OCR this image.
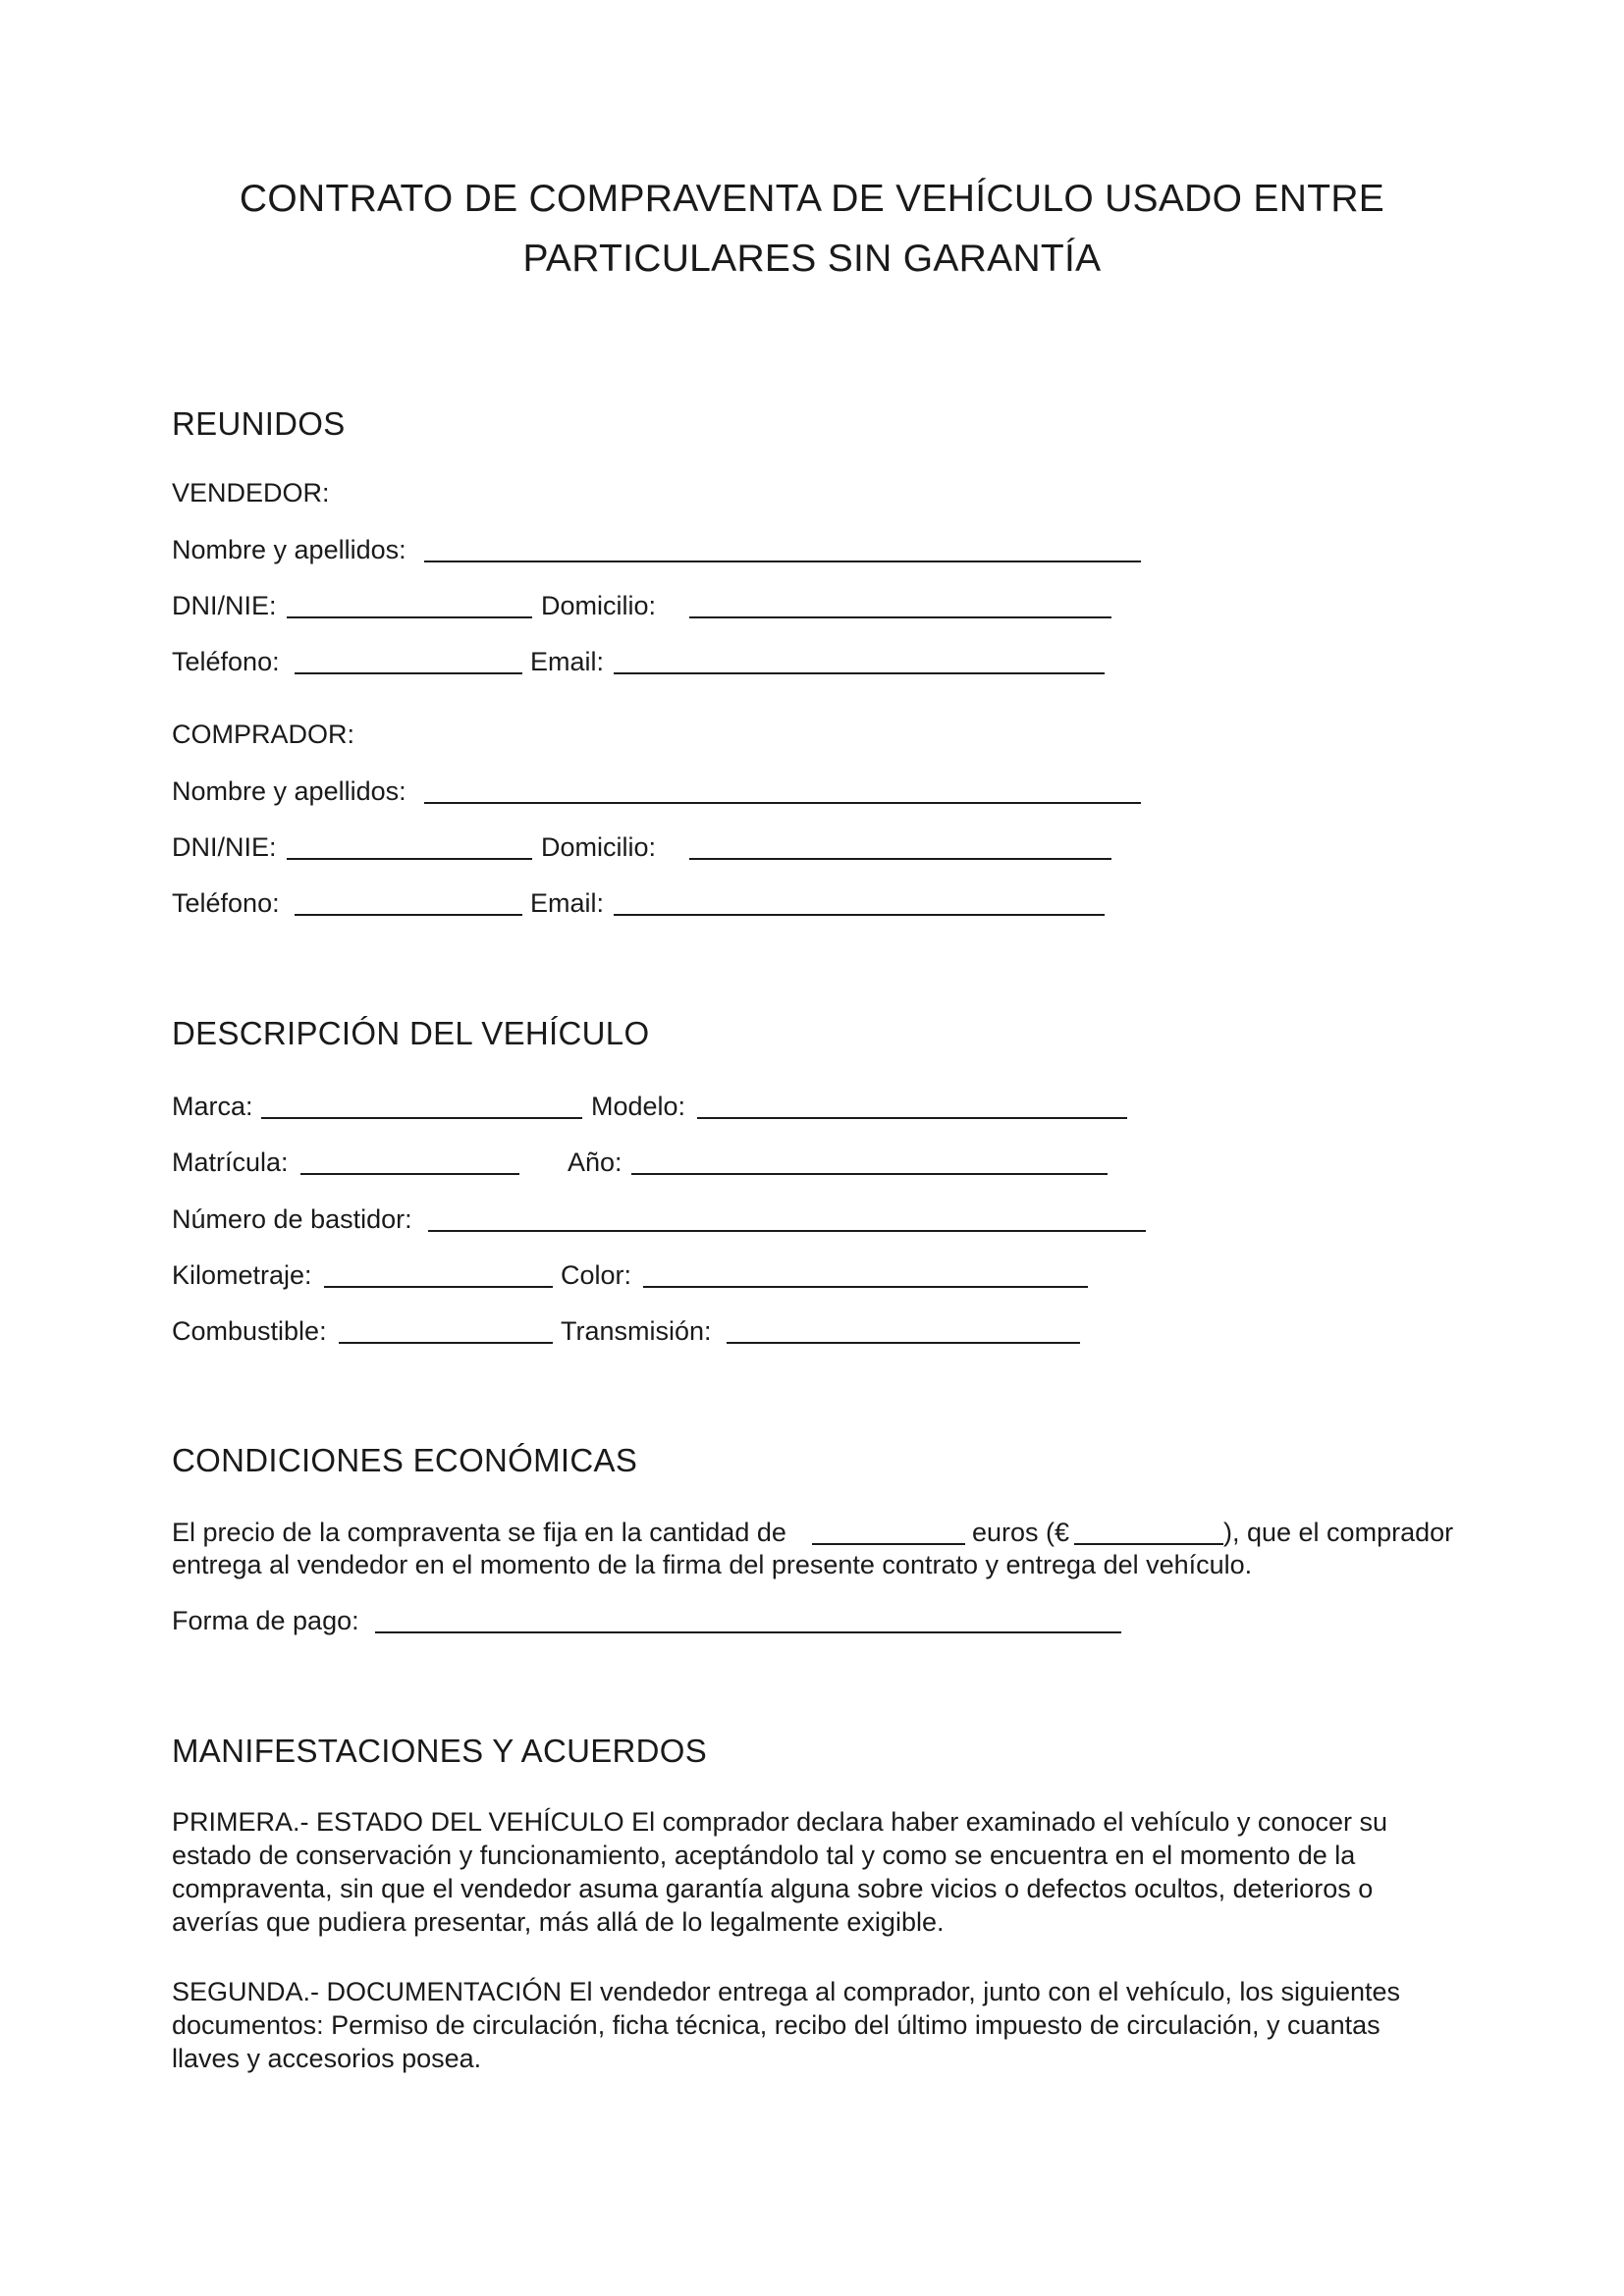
CONTRATO DE COMPRAVENTA DE VEHÍCULO USADO ENTRE
PARTICULARES SIN GARANTÍA
REUNIDOS
VENDEDOR:
Nombre y apellidos:
DNI/NIE:	Domicilio:
Teléfono:	Email:
COMPRADOR:
Nombre y apellidos:
DNI/NIE:	Domicilio:
Teléfono:	Email:
DESCRIPCIÓN DEL VEHÍCULO
Marca:	Modelo:
Matrícula:	Año:
Número de bastidor:
Kilometraje:	Color:
Combustible:	Transmisión:
CONDICIONES ECONÓMICAS
El precio de la compraventa se fija en la cantidad de	euros (€	), que el comprador
entrega al vendedor en el momento de la firma del presente contrato y entrega del vehículo.
Forma de pago:
MANIFESTACIONES Y ACUERDOS
PRIMERA.- ESTADO DEL VEHÍCULO El comprador declara haber examinado el vehículo y conocer su
estado de conservación y funcionamiento, aceptándolo tal y como se encuentra en el momento de la
compraventa, sin que el vendedor asuma garantía alguna sobre vicios o defectos ocultos, deterioros o
averías que pudiera presentar, más allá de lo legalmente exigible.
SEGUNDA.- DOCUMENTACIÓN El vendedor entrega al comprador, junto con el vehículo, los siguientes
documentos: Permiso de circulación, ficha técnica, recibo del último impuesto de circulación, y cuantas
llaves y accesorios posea.
